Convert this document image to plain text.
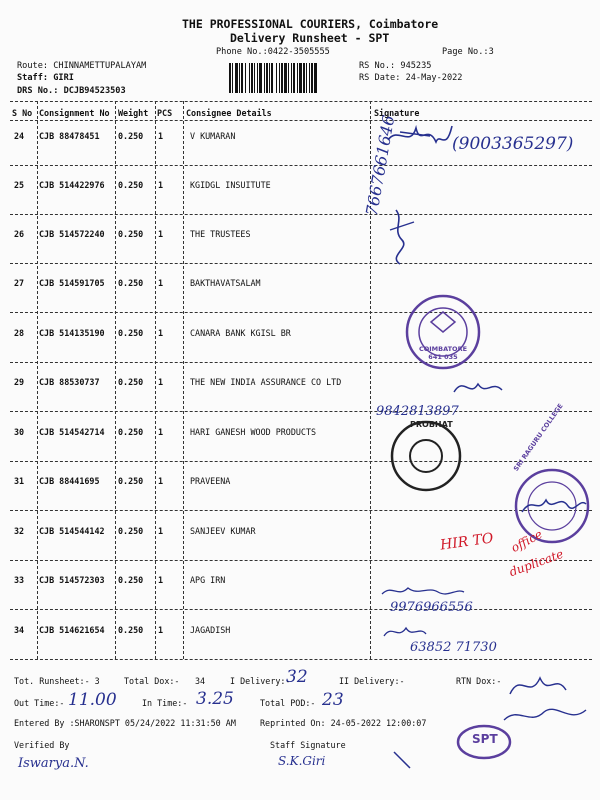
THE PROFESSIONAL COURIERS, Coimbatore
Delivery Runsheet - SPT
Phone No.:0422-3505555	Page No.:3
Route: CHINNAMETTUPALAYAM
Staff: GIRI
DRS No.: DCJB94523503
RS No.: 945235
RS Date: 24-May-2022
S No Consignment No Weight PCS Consignee Details	Signature
24 CJB 88478451 0.250 1	V KUMARAN
25 CJB 514422976 0.250 1	KGIDGL INSUITUTE
26 CJB 514572240 0.250 1	THE TRUSTEES
27 CJB 514591705 0.250 1	BAKTHAVATSALAM
28 CJB 514135190 0.250 1	CANARA BANK KGISL BR
29 CJB 88530737 0.250 1	THE NEW INDIA ASSURANCE CO LTD
30 CJB 514542714 0.250 1	HARI GANESH WOOD PRODUCTS
31 CJB 88441695 0.250 1	PRAVEENA
32 CJB 514544142 0.250 1	SANJEEV KUMAR
33 CJB 514572303 0.250 1	APG IRN
34 CJB 514621654 0.250 1	JAGADISH
Tot. Runsheet:- 3	Total Dox:- 34	I Delivery:-
32	II Delivery:-	RTN Dox:-
Out Time:- 11.00	In Time:- 3.25	Total POD:- 23
Entered By :SHARONSPT 05/24/2022 11:31:50 AM	Reprinted On: 24-05-2022 12:00:07
Verified By	Staff Signature
(9003365297)
7667661646
COIMBATORE 641 035
9842813897
PROBHAT	SRI RAGURU COLLEGE
HIR TO office
duplicate
9976966556
63852 71730
SPT
Iswarya.N.	S.K.Giri
